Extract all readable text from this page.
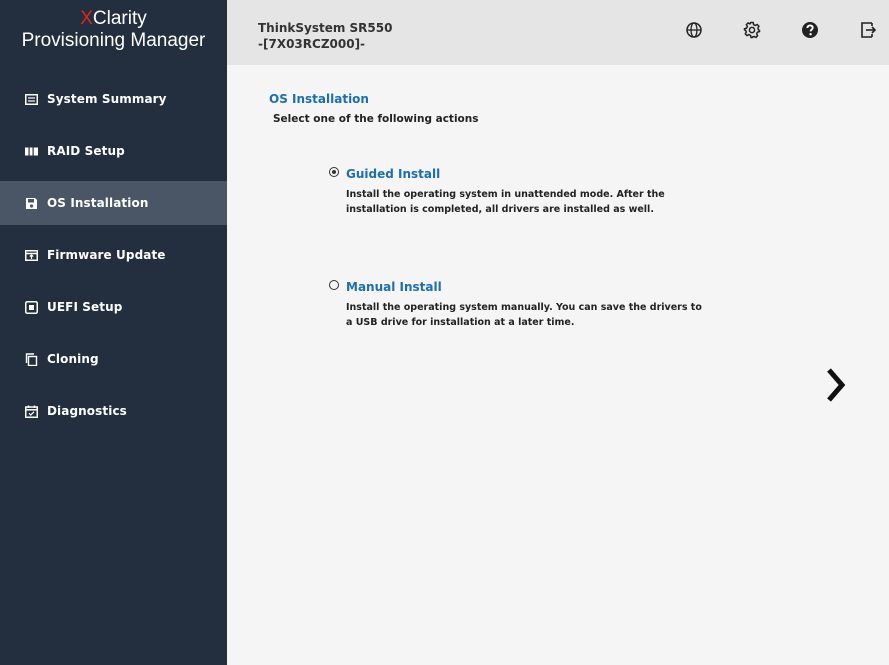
XClarity
Provisioning Manager
System Summary
RAID Setup
OS Installation
Firmware Update
UEFI Setup
Cloning
Diagnostics
ThinkSystem SR550
-[7X03RCZ000]-
OS Installation
Select one of the following actions
Guided Install
Install the operating system in unattended mode. After the installation is completed, all drivers are installed as well.
Manual Install
Install the operating system manually. You can save the drivers to a USB drive for installation at a later time.
